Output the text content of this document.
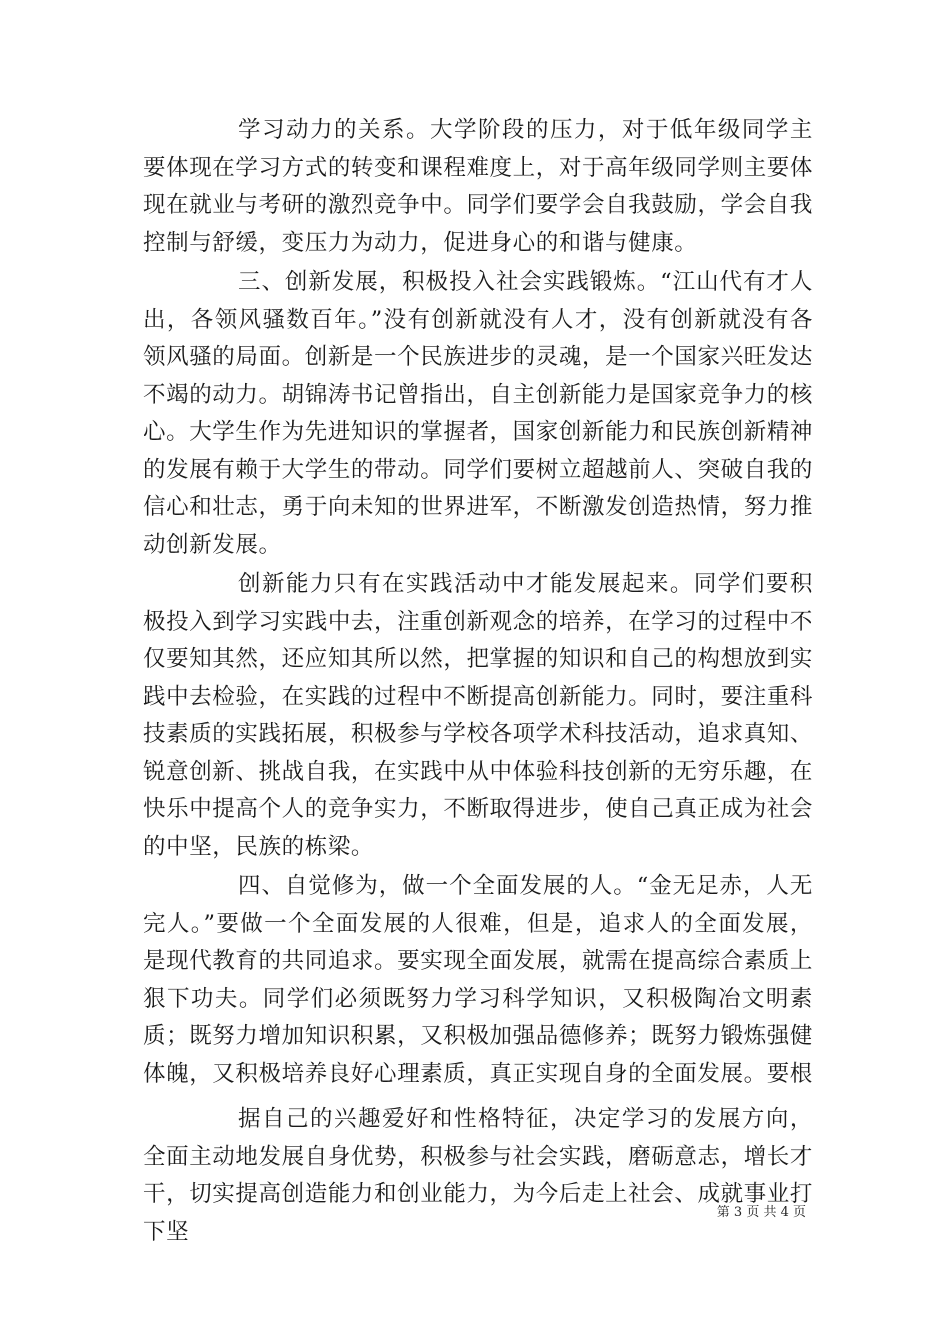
学习动力的关系。大学阶段的压力，对于低年级同学主要体现在学习方式的转变和课程难度上，对于高年级同学则主要体现在就业与考研的激烈竞争中。同学们要学会自我鼓励，学会自我控制与舒缓，变压力为动力，促进身心的和谐与健康。

三、创新发展，积极投入社会实践锻炼。“江山代有才人出，各领风骚数百年。”没有创新就没有人才，没有创新就没有各领风骚的局面。创新是一个民族进步的灵魂，是一个国家兴旺发达不竭的动力。胡锦涛书记曾指出，自主创新能力是国家竞争力的核心。大学生作为先进知识的掌握者，国家创新能力和民族创新精神的发展有赖于大学生的带动。同学们要树立超越前人、突破自我的信心和壮志，勇于向未知的世界进军，不断激发创造热情，努力推动创新发展。

创新能力只有在实践活动中才能发展起来。同学们要积极投入到学习实践中去，注重创新观念的培养，在学习的过程中不仅要知其然，还应知其所以然，把掌握的知识和自己的构想放到实践中去检验，在实践的过程中不断提高创新能力。同时，要注重科技素质的实践拓展，积极参与学校各项学术科技活动，追求真知、锐意创新、挑战自我，在实践中从中体验科技创新的无穷乐趣，在快乐中提高个人的竞争实力，不断取得进步，使自己真正成为社会的中坚，民族的栋梁。

四、自觉修为，做一个全面发展的人。“金无足赤，人无完人。”要做一个全面发展的人很难，但是，追求人的全面发展，是现代教育的共同追求。要实现全面发展，就需在提高综合素质上狠下功夫。同学们必须既努力学习科学知识，又积极陶冶文明素质；既努力增加知识积累，又积极加强品德修养；既努力锻炼强健体魄，又积极培养良好心理素质，真正实现自身的全面发展。要根

据自己的兴趣爱好和性格特征，决定学习的发展方向，全面主动地发展自身优势，积极参与社会实践，磨砺意志，增长才干，切实提高创造能力和创业能力，为今后走上社会、成就事业打下坚

第 3 页 共 4 页
